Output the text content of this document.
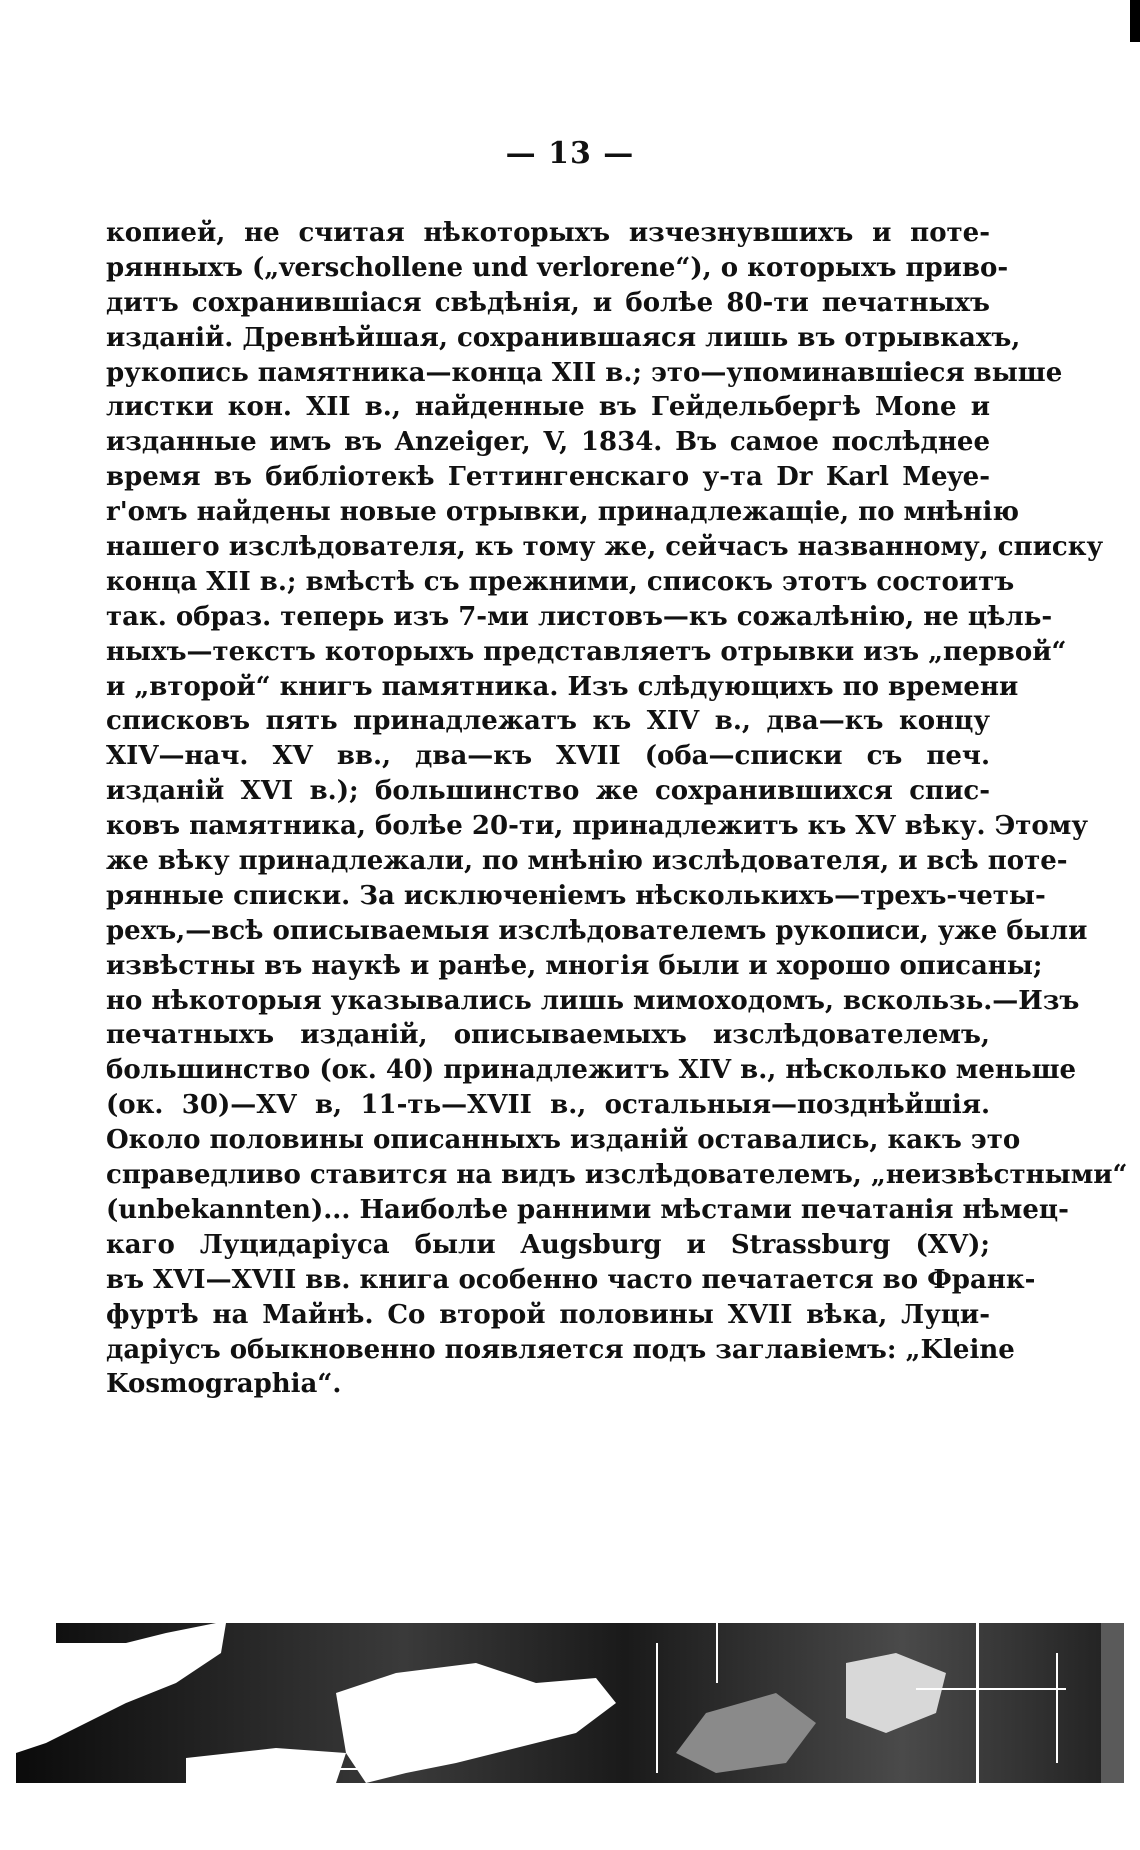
— 13 —
копией, не считая нѣкоторыхъ изчезнувшихъ и поте-
рянныхъ („verschollene und verlorene“), о которыхъ приво-
дитъ сохранившіася свѣдѣнія, и болѣе 80-ти печатныхъ
изданій. Древнѣйшая, сохранившаяся лишь въ отрывкахъ,
рукопись памятника—конца XII в.; это—упоминавшіеся выше
листки кон. XII в., найденные въ Гейдельбергѣ Mone и
изданные имъ въ Anzeiger, V, 1834. Въ самое послѣднее
время въ библіотекѣ Геттингенскаго у-та Dr Karl Meye-
r'омъ найдены новые отрывки, принадлежащіе, по мнѣнію
нашего изслѣдователя, къ тому же, сейчасъ названному, списку
конца XII в.; вмѣстѣ съ прежними, списокъ этотъ состоитъ
так. образ. теперь изъ 7-ми листовъ—къ сожалѣнію, не цѣль-
ныхъ—текстъ которыхъ представляетъ отрывки изъ „первой“
и „второй“ книгъ памятника. Изъ слѣдующихъ по времени
списковъ пять принадлежатъ къ XIV в., два—къ концу
XIV—нач. XV вв., два—къ XVII (оба—списки съ печ.
изданій XVI в.); большинство же сохранившихся спис-
ковъ памятника, болѣе 20-ти, принадлежитъ къ XV вѣку. Этому
же вѣку принадлежали, по мнѣнію изслѣдователя, и всѣ поте-
рянные списки. За исключеніемъ нѣсколькихъ—трехъ-четы-
рехъ,—всѣ описываемыя изслѣдователемъ рукописи, уже были
извѣстны въ наукѣ и ранѣе, многія были и хорошо описаны;
но нѣкоторыя указывались лишь мимоходомъ, вскользь.—Изъ
печатныхъ изданій, описываемыхъ изслѣдователемъ,
большинство (ок. 40) принадлежитъ XIV в., нѣсколько меньше
(ок. 30)—XV в, 11-ть—XVII в., остальныя—позднѣйшія.
Около половины описанныхъ изданій оставались, какъ это
справедливо ставится на видъ изслѣдователемъ, „неизвѣстными“
(unbekannten)... Наиболѣе ранними мѣстами печатанія нѣмец-
каго Луцидаріуса были Augsburg и Strassburg (XV);
въ XVI—XVII вв. книга особенно часто печатается во Франк-
фуртѣ на Майнѣ. Со второй половины XVII вѣка, Луци-
даріусъ обыкновенно появляется подъ заглавіемъ: „Kleine
Kosmographia“.
